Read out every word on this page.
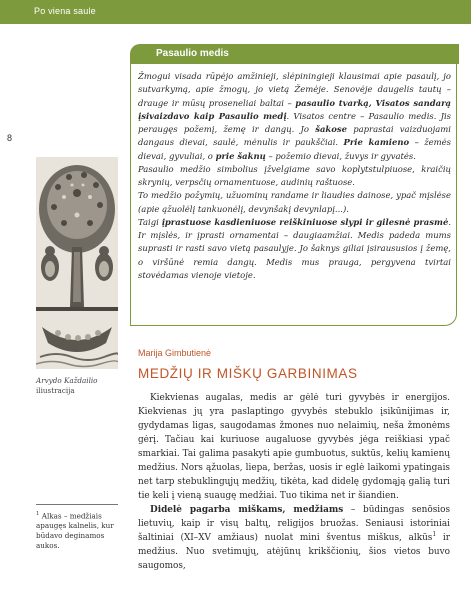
Po viena saule
8
Pasaulio medis

Žmogui visada rūpėjo amžinieji, slėpiningieji klausimai apie pasaulį, jo sutvarkymą, apie žmogų, jo vietą Žemėje. Senovėje daugelis tautų – drauge ir mūsų proseneliai baltai – pasaulio tvarką, Visatos sandarą įsivaizdavo kaip Pasaulio medį. Visatos centre – Pasaulio medis. Jis peraugęs požemį, žemę ir dangų. Jo šakose paprastai vaizduojami dangaus dievai, saulė, mėnulis ir paukščiai. Prie kamieno – žemės dievai, gyvuliai, o prie šaknų – požemio dievai, žuvys ir gyvatės.

Pasaulio medžio simbolius įžvelgiame savo koplytstulpiuose, kraičių skrynių, verpsčių ornamentuose, audinių raštuose.

To medžio požymių, užuominų randame ir liaudies dainose, ypač mįslėse (apie ąžuolėlį tankuonėlį, devynšakį devynlapį...).

Taigi įprastuose kasdieniuose reiškiniuose slypi ir gilesnė prasmė. Ir mįslės, ir įprasti ornamentai – daugiaamžiai. Medis padeda mums suprasti ir rasti savo vietą pasaulyje. Jo šaknys giliai įsiraususios į žemę, o viršūnė remia dangų. Medis mus prauga, pergyvena tvirtai stovėdamas vienoje vietoje.

Arvydo Každailio
iliustracija
Marija Gimbutienė
MEDŽIŲ IR MIŠKŲ GARBINIMAS

Kiekvienas augalas, medis ar gėlė turi gyvybės ir energijos. Kiekvienas jų yra paslaptingo gyvybės stebuklo įsikūnijimas ir, gydydamas ligas, saugodamas žmones nuo nelaimių, neša žmonėms gėrį. Tačiau kai kuriuose augaluose gyvybės jėga reiškiasi ypač smarkiai. Tai galima pasakyti apie gumbuotus, suktūs, kelių kamienų medžius. Nors ąžuolas, liepa, beržas, uosis ir eglė laikomi ypatingais net tarp stebuklingųjų medžių, tikėta, kad didelę gydomąją galią turi tie keli į vieną suaugę medžiai. Tuo tikima net ir šiandien.

Didelė pagarba miškams, medžiams – būdingas senōsios lietuvių, kaip ir visų baltų, religijos bruožas. Seniausi istoriniai šaltiniai (XI–XV amžiaus) nuolat mini šventus miškus, alkūs$^1$ ir medžius. Nuo svetimųjų, atėjūnų krikščionių, šios vietos buvo saugomos,

$^1$ Alkas – medžiais apaugęs kalnelis, kur būdavo deginamos aukos.
